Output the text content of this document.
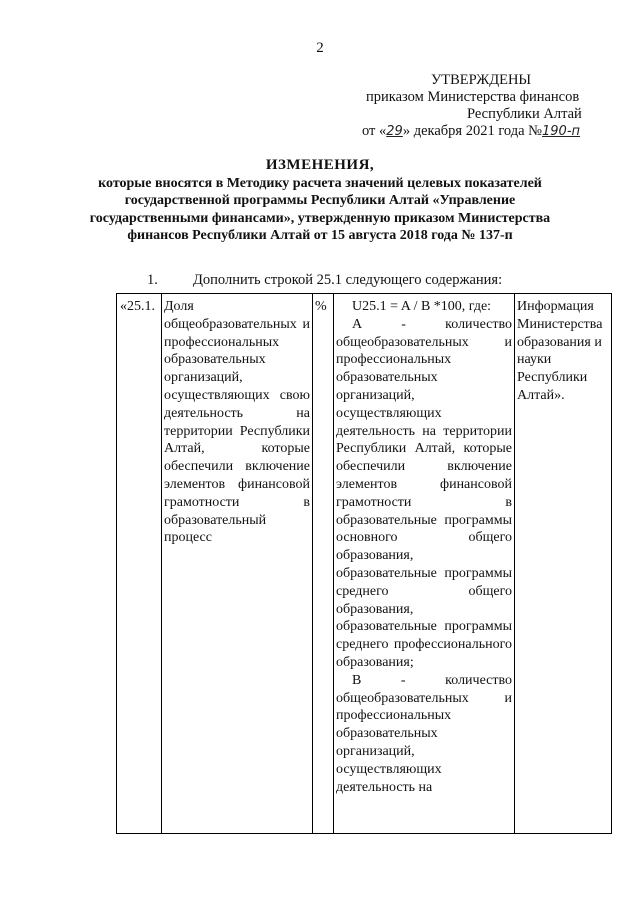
2
УТВЕРЖДЕНЫ
приказом Министерства финансов
Республики Алтай
от «29» декабря 2021 года №190-п
ИЗМЕНЕНИЯ,
которые вносятся в Методику расчета значений целевых показателей государственной программы Республики Алтай «Управление государственными финансами», утвержденную приказом Министерства финансов Республики Алтай от 15 августа 2018 года № 137-п
1. Дополнить строкой 25.1 следующего содержания:
«25.1.	Доля общеобразовательных и профессиональных образовательных организаций, осуществляющих свою деятельность на территории Республики Алтай, которые обеспечили включение элементов финансовой грамотности в образовательный процесс	%	U25.1 = A / B *100, где:
А - количество общеобразовательных и профессиональных образовательных организаций, осуществляющих деятельность на территории Республики Алтай, которые обеспечили включение элементов финансовой грамотности в образовательные программы основного общего образования, образовательные программы среднего общего образования, образовательные программы среднего профессионального образования;
В - количество общеобразовательных и профессиональных образовательных организаций, осуществляющих деятельность на
	Информация Министерства образования и науки Республики Алтай».
